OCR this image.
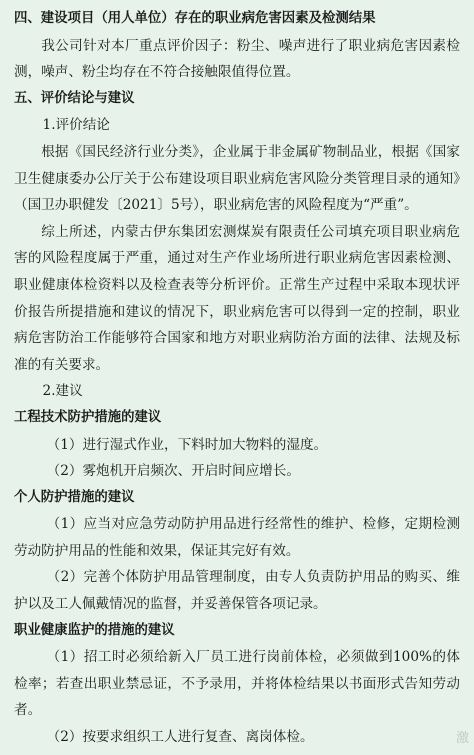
四、建设项目（用人单位）存在的职业病危害因素及检测结果

我公司针对本厂重点评价因子：粉尘、噪声进行了职业病危害因素检测，噪声、粉尘均存在不符合接触限值得位置。

五、评价结论与建议

1.评价结论

根据《国民经济行业分类》，企业属于非金属矿物制品业，根据《国家卫生健康委办公厅关于公布建设项目职业病危害风险分类管理目录的通知》（国卫办职健发〔2021〕5号），职业病危害的风险程度为“严重”。

综上所述，内蒙古伊东集团宏测煤炭有限责任公司填充项目职业病危害的风险程度属于严重，通过对生产作业场所进行职业病危害因素检测、职业健康体检资料以及检查表等分析评价。正常生产过程中采取本现状评价报告所提措施和建议的情况下，职业病危害可以得到一定的控制，职业病危害防治工作能够符合国家和地方对职业病防治方面的法律、法规及标准的有关要求。

2.建议

工程技术防护措施的建议

（1）进行湿式作业，下料时加大物料的湿度。

（2）雾炮机开启频次、开启时间应增长。

个人防护措施的建议

（1）应当对应急劳动防护用品进行经常性的维护、检修，定期检测劳动防护用品的性能和效果，保证其完好有效。

（2）完善个体防护用品管理制度，由专人负责防护用品的购买、维护以及工人佩戴情况的监督，并妥善保管各项记录。

职业健康监护的措施的建议

（1）招工时必须给新入厂员工进行岗前体检，必须做到100%的体检率；若查出职业禁忌证，不予录用，并将体检结果以书面形式告知劳动者。

（2）按要求组织工人进行复查、离岗体检。	激
